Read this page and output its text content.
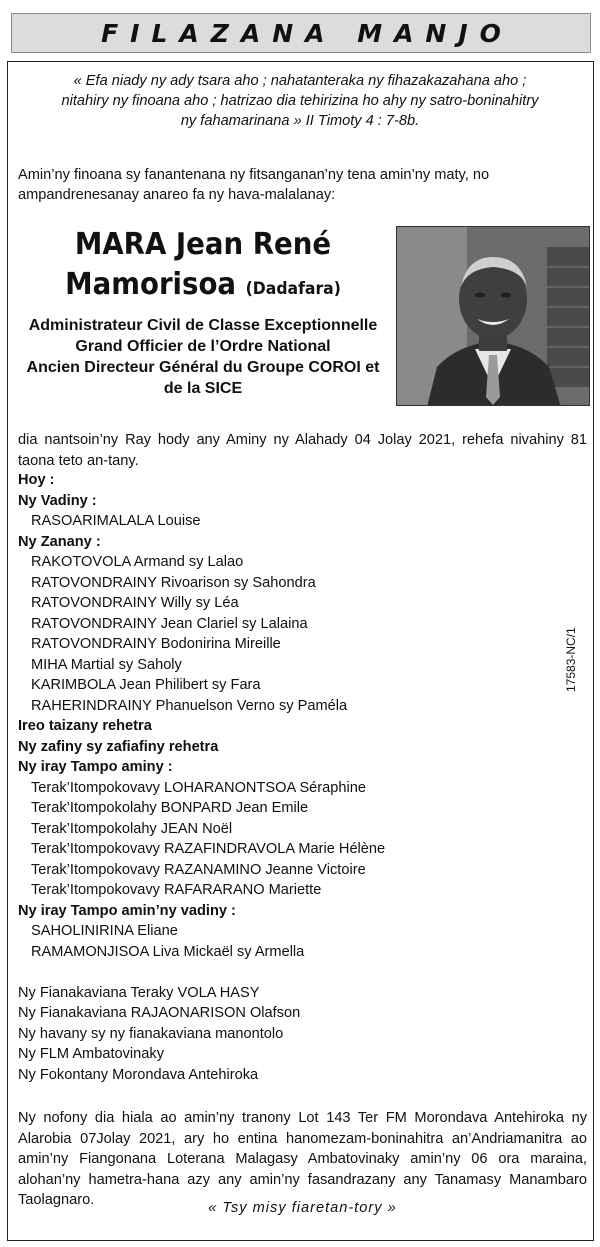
FILAZANA MANJO
« Efa niady ny ady tsara aho ; nahatanteraka ny fihazakazahana aho ;
nitahiry ny finoana aho ; hatrizao dia tehirizina ho ahy ny satro-boninahitry
ny fahamarinana » II Timoty 4 : 7-8b.
Amin’ny finoana sy fanantenana ny fitsanganan’ny tena amin’ny maty, no ampandrenesanay anareo fa ny hava-malalanay:
MARA Jean René
Mamorisoa (Dadafara)
Administrateur Civil de Classe Exceptionnelle
Grand Officier de l’Ordre National
Ancien Directeur Général du Groupe COROI et
de la SICE
dia nantsoin’ny Ray hody any Aminy ny Alahady 04 Jolay 2021, rehefa nivahiny 81 taona teto an-tany.
Hoy :
Ny Vadiny :
RASOARIMALALA Louise
Ny Zanany :
RAKOTOVOLA Armand sy Lalao
RATOVONDRAINY Rivoarison sy Sahondra
RATOVONDRAINY Willy sy Léa
RATOVONDRAINY Jean Clariel sy Lalaina
RATOVONDRAINY Bodonirina Mireille
MIHA Martial sy Saholy
KARIMBOLA Jean Philibert sy Fara
RAHERINDRAINY Phanuelson Verno sy Paméla
Ireo taizany rehetra
Ny zafiny sy zafiafiny rehetra
Ny iray Tampo aminy :
Terak’Itompokovavy LOHARANONTSOA Séraphine
Terak’Itompokolahy BONPARD Jean Emile
Terak’Itompokolahy JEAN Noël
Terak’Itompokovavy RAZAFINDRAVOLA Marie Hélène
Terak’Itompokovavy RAZANAMINO Jeanne Victoire
Terak’Itompokovavy RAFARARANO Mariette
Ny iray Tampo amin’ny vadiny :
SAHOLINIRINA Eliane
RAMAMONJISOA Liva Mickaël sy Armella
Ny Fianakaviana Teraky VOLA HASY
Ny Fianakaviana RAJAONARISON Olafson
Ny havany sy ny fianakaviana manontolo
Ny FLM Ambatovinaky
Ny Fokontany Morondava Antehiroka
Ny nofony dia hiala ao amin’ny tranony Lot 143 Ter FM Morondava Antehiroka ny Alarobia 07Jolay 2021, ary ho entina hanomezam-boninahitra an’Andriamanitra ao amin’ny Fiangonana Loterana Malagasy Ambatovinaky amin’ny 06 ora maraina, alohan’ny hametra-hana azy any amin’ny fasandrazany any Tanamasy Manambaro Taolagnaro.	« Tsy misy fiaretan-tory »
17583-NC/1
